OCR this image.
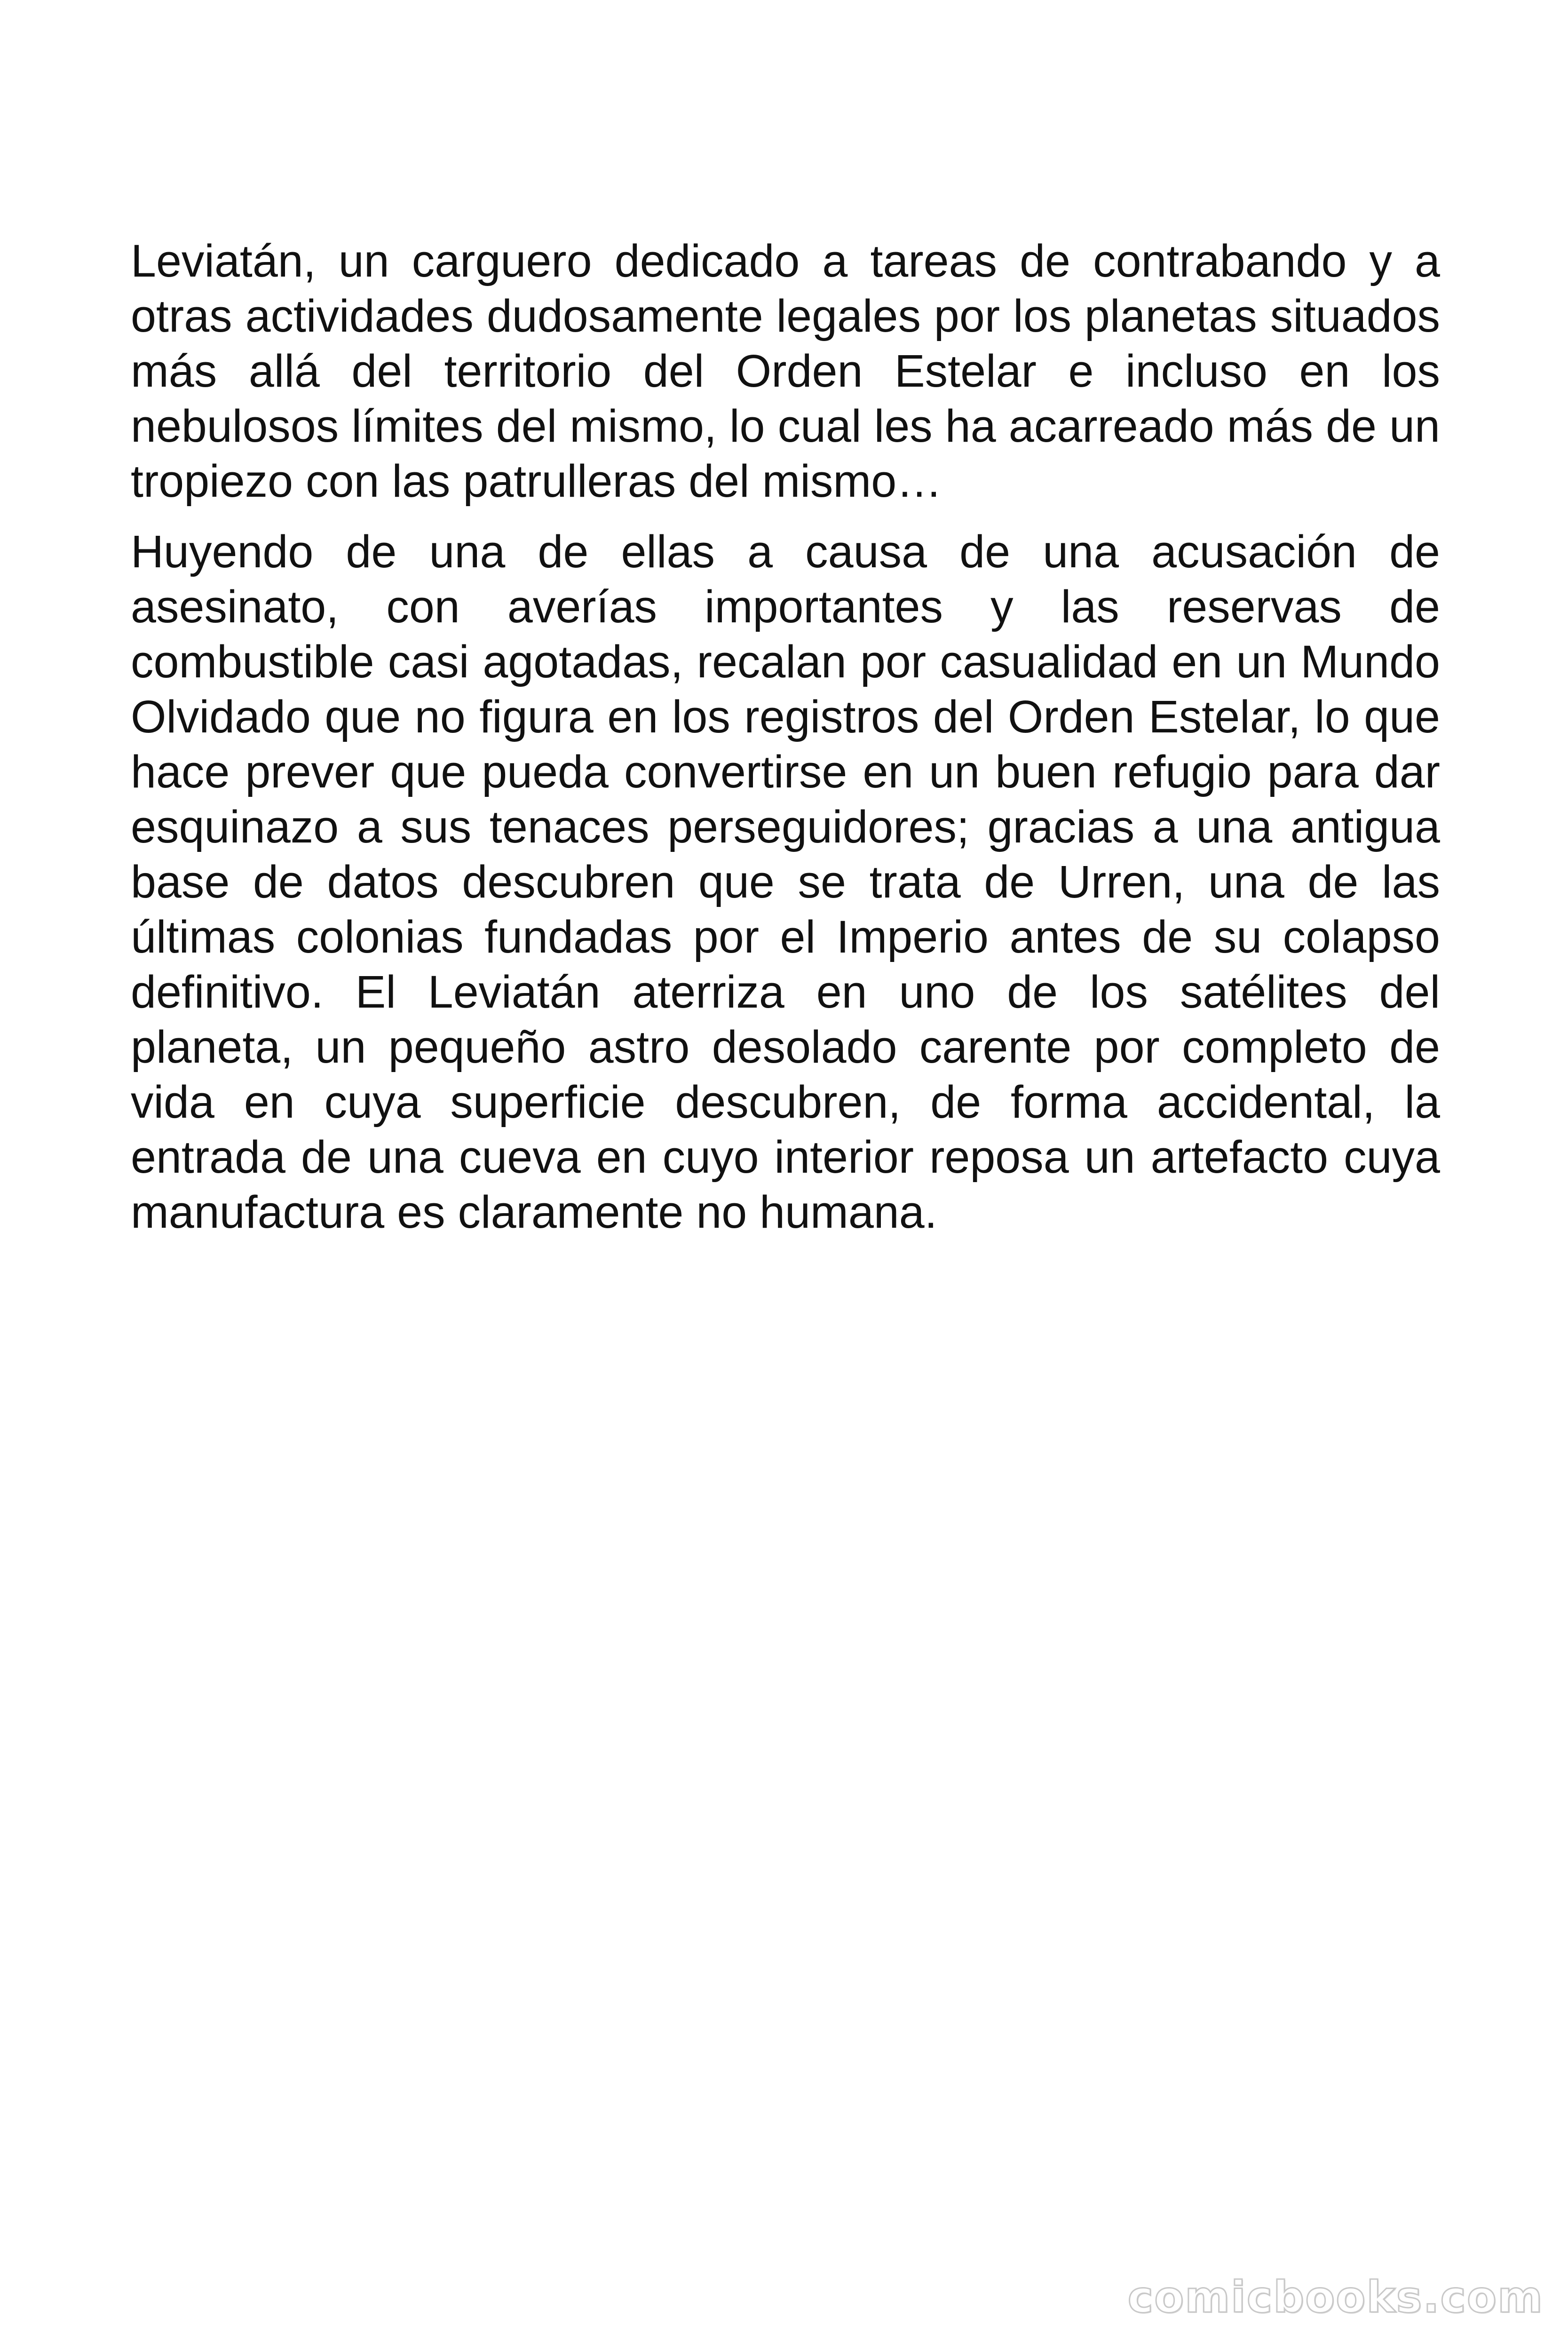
Leviatán, un carguero dedicado a tareas de contrabando y a otras actividades dudosamente legales por los planetas situados más allá del territorio del Orden Estelar e incluso en los nebulosos límites del mismo, lo cual les ha acarreado más de un tropiezo con las patrulleras del mismo…

Huyendo de una de ellas a causa de una acusación de asesinato, con averías importantes y las reservas de combustible casi agotadas, recalan por casualidad en un Mundo Olvidado que no figura en los registros del Orden Estelar, lo que hace prever que pueda convertirse en un buen refugio para dar esquinazo a sus tenaces perseguidores; gracias a una antigua base de datos descubren que se trata de Urren, una de las últimas colonias fundadas por el Imperio antes de su colapso definitivo. El Leviatán aterriza en uno de los satélites del planeta, un pequeño astro desolado carente por completo de vida en cuya superficie descubren, de forma accidental, la entrada de una cueva en cuyo interior reposa un artefacto cuya manufactura es claramente no humana.

comicbooks.com
